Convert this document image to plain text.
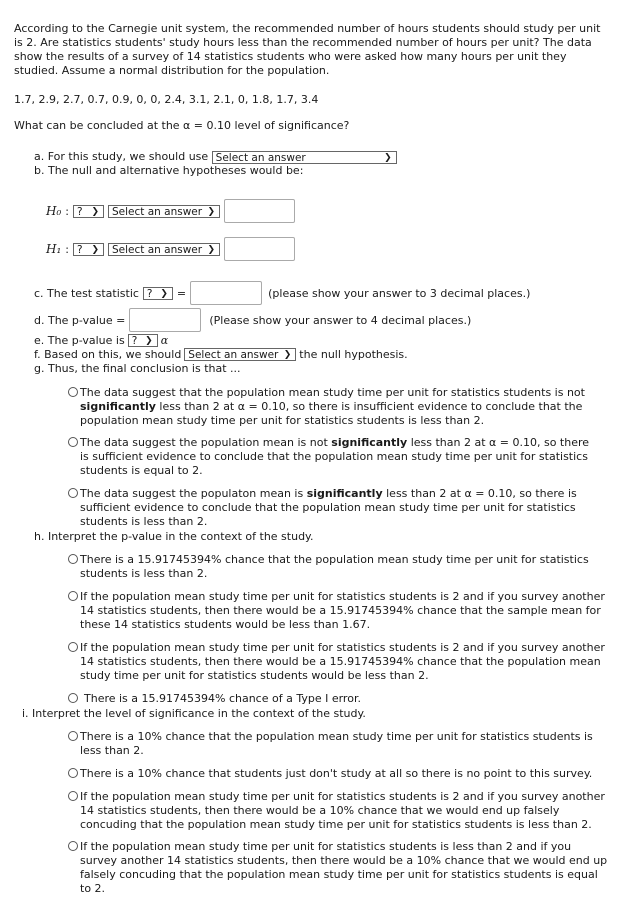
According to the Carnegie unit system, the recommended number of hours students should study per unit is 2. Are statistics students' study hours less than the recommended number of hours per unit? The data show the results of a survey of 14 statistics students who were asked how many hours per unit they studied. Assume a normal distribution for the population.
1.7, 2.9, 2.7, 0.7, 0.9, 0, 0, 2.4, 3.1, 2.1, 0, 1.8, 1.7, 3.4
What can be concluded at the α = 0.10 level of significance?
a. For this study, we should use Select an answer	❯
b. The null and alternative hypotheses would be:
H₀ : ? ❯	Select an answer ❯
H₁ : ? ❯	Select an answer ❯
c. The test statistic ? ❯ =	(please show your answer to 3 decimal places.)
d. The p-value =	(Please show your answer to 4 decimal places.)
e. The p-value is ? ❯ α
f. Based on this, we should Select an answer ❯ the null hypothesis.
g. Thus, the final conclusion is that ...
The data suggest that the population mean study time per unit for statistics students is not significantly less than 2 at α = 0.10, so there is insufficient evidence to conclude that the population mean study time per unit for statistics students is less than 2.
The data suggest the population mean is not significantly less than 2 at α = 0.10, so there is sufficient evidence to conclude that the population mean study time per unit for statistics students is equal to 2.
The data suggest the populaton mean is significantly less than 2 at α = 0.10, so there is sufficient evidence to conclude that the population mean study time per unit for statistics students is less than 2.
h. Interpret the p-value in the context of the study.
There is a 15.91745394% chance that the population mean study time per unit for statistics students is less than 2.
If the population mean study time per unit for statistics students is 2 and if you survey another 14 statistics students, then there would be a 15.91745394% chance that the sample mean for these 14 statistics students would be less than 1.67.
If the population mean study time per unit for statistics students is 2 and if you survey another 14 statistics students, then there would be a 15.91745394% chance that the population mean study time per unit for statistics students would be less than 2.
There is a 15.91745394% chance of a Type I error.
i. Interpret the level of significance in the context of the study.
There is a 10% chance that the population mean study time per unit for statistics students is less than 2.
There is a 10% chance that students just don't study at all so there is no point to this survey.
If the population mean study time per unit for statistics students is 2 and if you survey another 14 statistics students, then there would be a 10% chance that we would end up falsely concuding that the population mean study time per unit for statistics students is less than 2.
If the population mean study time per unit for statistics students is less than 2 and if you survey another 14 statistics students, then there would be a 10% chance that we would end up falsely concuding that the population mean study time per unit for statistics students is equal to 2.
